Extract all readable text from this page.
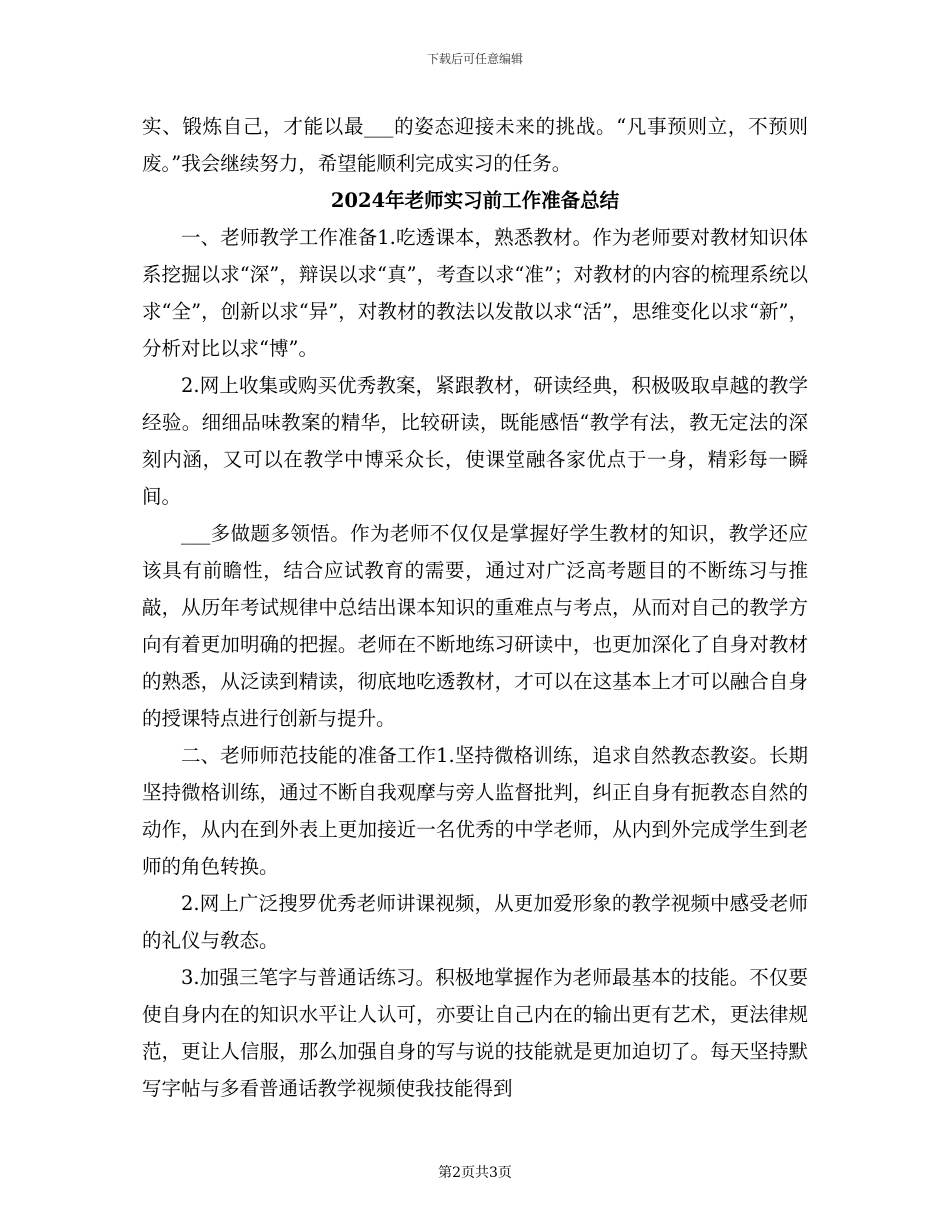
下载后可任意编辑

实、锻炼自己，才能以最___的姿态迎接未来的挑战。“凡事预则立，不预则废。”我会继续努力，希望能顺利完成实习的任务。

2024年老师实习前工作准备总结

一、老师教学工作准备1.吃透课本，熟悉教材。作为老师要对教材知识体系挖掘以求“深”，辩误以求“真”，考查以求“准”；对教材的内容的梳理系统以求“全”，创新以求“异”，对教材的教法以发散以求“活”，思维变化以求“新”，分析对比以求“博”。

2.网上收集或购买优秀教案，紧跟教材，研读经典，积极吸取卓越的教学经验。细细品味教案的精华，比较研读，既能感悟“教学有法，教无定法的深刻内涵，又可以在教学中博采众长，使课堂融各家优点于一身，精彩每一瞬间。

___多做题多领悟。作为老师不仅仅是掌握好学生教材的知识，教学还应该具有前瞻性，结合应试教育的需要，通过对广泛高考题目的不断练习与推敲，从历年考试规律中总结出课本知识的重难点与考点，从而对自己的教学方向有着更加明确的把握。老师在不断地练习研读中，也更加深化了自身对教材的熟悉，从泛读到精读，彻底地吃透教材，才可以在这基本上才可以融合自身的授课特点进行创新与提升。

二、老师师范技能的准备工作1.坚持微格训练，追求自然教态教姿。长期坚持微格训练，通过不断自我观摩与旁人监督批判，纠正自身有扼教态自然的动作，从内在到外表上更加接近一名优秀的中学老师，从内到外完成学生到老师的角色转换。

2.网上广泛搜罗优秀老师讲课视频，从更加爱形象的教学视频中感受老师的礼仪与敎态。

3.加强三笔字与普通话练习。积极地掌握作为老师最基本的技能。不仅要使自身内在的知识水平让人认可，亦要让自己内在的输出更有艺术，更法律规范，更让人信服，那么加强自身的写与说的技能就是更加迫切了。每天坚持默写字帖与多看普通话教学视频使我技能得到

第2页共3页
